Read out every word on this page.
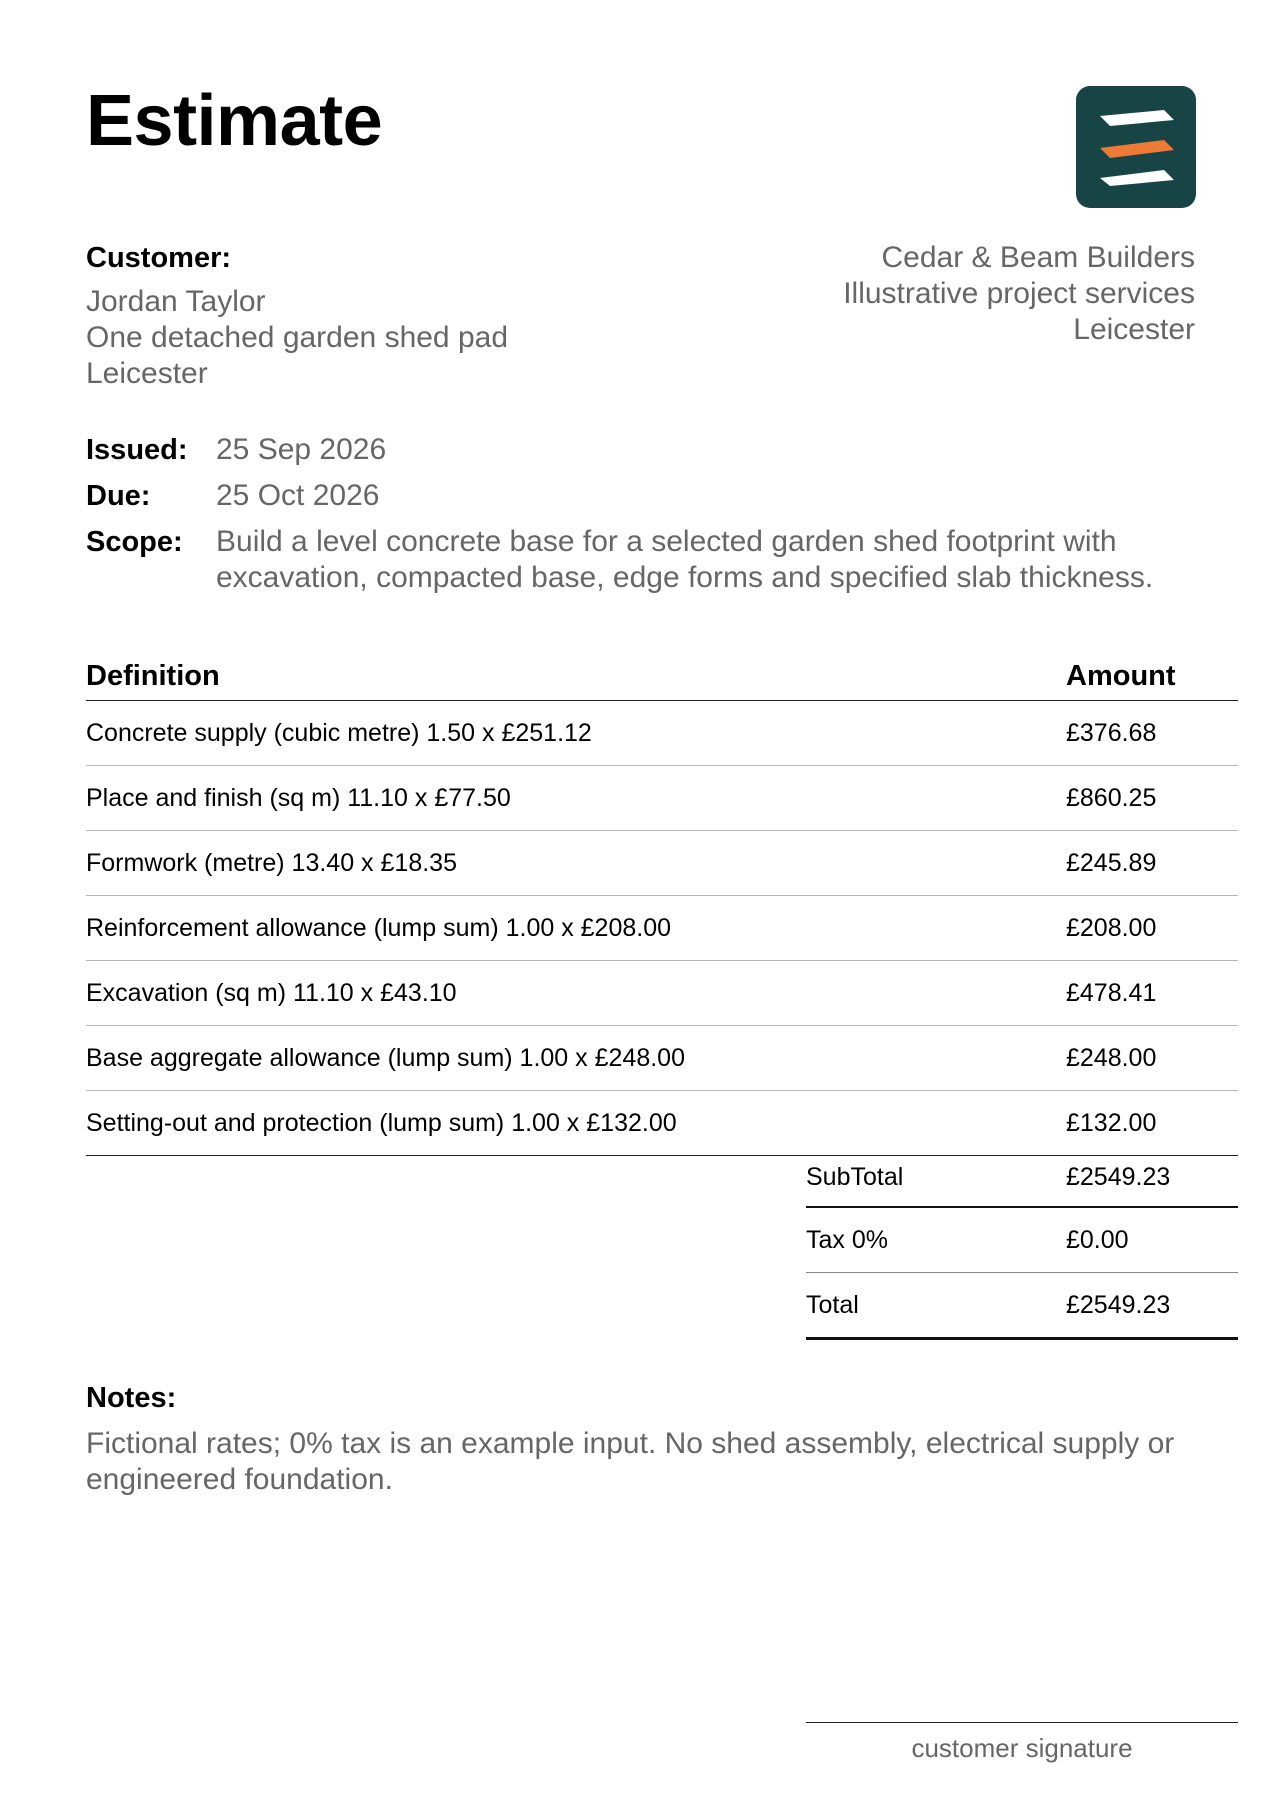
Estimate
Customer:
Jordan Taylor
One detached garden shed pad
Leicester
Cedar & Beam Builders
Illustrative project services
Leicester
Issued: 25 Sep 2026
Due:	25 Oct 2026
Scope:	Build a level concrete base for a selected garden shed footprint with excavation, compacted base, edge forms and specified slab thickness.
Definition	Amount
Concrete supply (cubic metre) 1.50 x £251.12	£376.68
Place and finish (sq m) 11.10 x £77.50	£860.25
Formwork (metre) 13.40 x £18.35	£245.89
Reinforcement allowance (lump sum) 1.00 x £208.00	£208.00
Excavation (sq m) 11.10 x £43.10	£478.41
Base aggregate allowance (lump sum) 1.00 x £248.00	£248.00
Setting-out and protection (lump sum) 1.00 x £132.00	£132.00
SubTotal	£2549.23
Tax 0%	£0.00
Total	£2549.23
Notes:
Fictional rates; 0% tax is an example input. No shed assembly, electrical supply or engineered foundation.
customer signature
